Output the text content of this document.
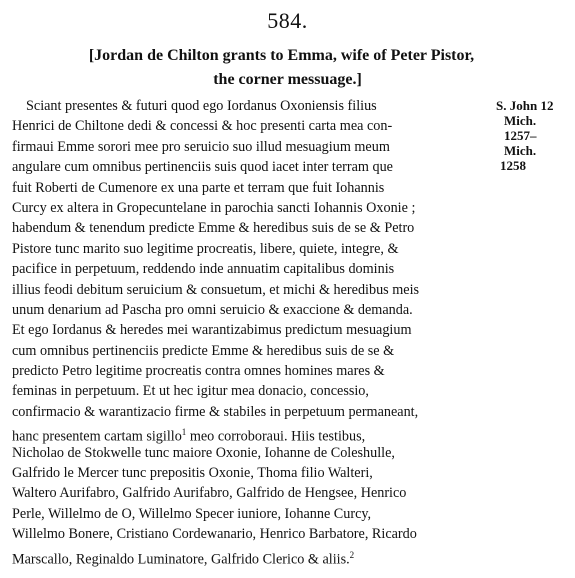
584.
[Jordan de Chilton grants to Emma, wife of Peter Pistor,
the corner messuage.]
Sciant presentes & futuri quod ego Iordanus Oxoniensis filius
Henrici de Chiltone dedi & concessi & hoc presenti carta mea con-
firmaui Emme sorori mee pro seruicio suo illud mesuagium meum
angulare cum omnibus pertinenciis suis quod iacet inter terram que
fuit Roberti de Cumenore ex una parte et terram que fuit Iohannis
Curcy ex altera in Gropecuntelane in parochia sancti Iohannis Oxonie ;
habendum & tenendum predicte Emme & heredibus suis de se & Petro
Pistore tunc marito suo legitime procreatis, libere, quiete, integre, &
pacifice in perpetuum, reddendo inde annuatim capitalibus dominis
illius feodi debitum seruicium & consuetum, et michi & heredibus meis
unum denarium ad Pascha pro omni seruicio & exaccione & demanda.
Et ego Iordanus & heredes mei warantizabimus predictum mesuagium
cum omnibus pertinenciis predicte Emme & heredibus suis de se &
predicto Petro legitime procreatis contra omnes homines mares &
feminas in perpetuum. Et ut hec igitur mea donacio, concessio,
confirmacio & warantizacio firme & stabiles in perpetuum permaneant,
hanc presentem cartam sigillo$^1$ meo corroboraui. Hiis testibus,
Nicholao de Stokwelle tunc maiore Oxonie, Iohanne de Coleshulle,
Galfrido le Mercer tunc prepositis Oxonie, Thoma filio Walteri,
Waltero Aurifabro, Galfrido Aurifabro, Galfrido de Hengsee, Henrico
Perle, Willelmo de O, Willelmo Specer iuniore, Iohanne Curcy,
Willelmo Bonere, Cristiano Cordewanario, Henrico Barbatore, Ricardo
Marscallo, Reginaldo Luminatore, Galfrido Clerico & aliis.$^2$
S. John 12
Mich.
1257–
Mich.
1258
